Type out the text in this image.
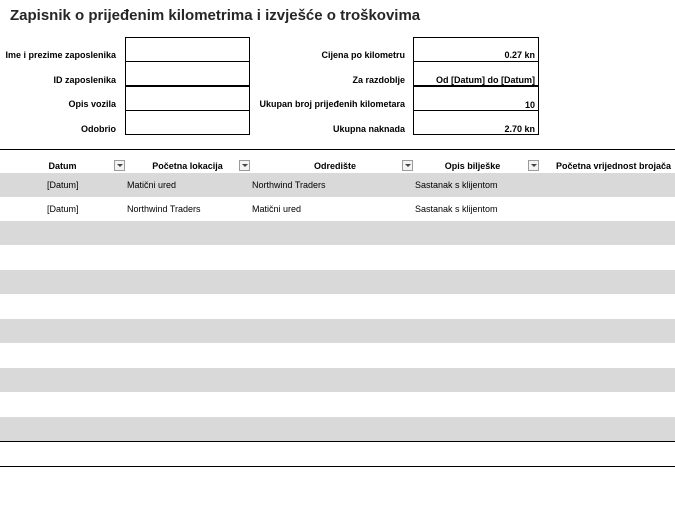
Zapisnik o prijeđenim kilometrima i izvješće o troškovima
Ime i prezime zaposlenika
ID zaposlenika
Opis vozila
Odobrio
Cijena po kilometru	0.27 kn
Za razdoblje	Od [Datum] do [Datum]
Ukupan broj prijeđenih kilometara	10
Ukupna naknada	2.70 kn
Datum	Početna lokacija	Odredište	Opis bilješke	Početna vrijednost brojača
[Datum]	Matični ured	Northwind Traders	Sastanak s klijentom
[Datum]	Northwind Traders	Matični ured	Sastanak s klijentom
